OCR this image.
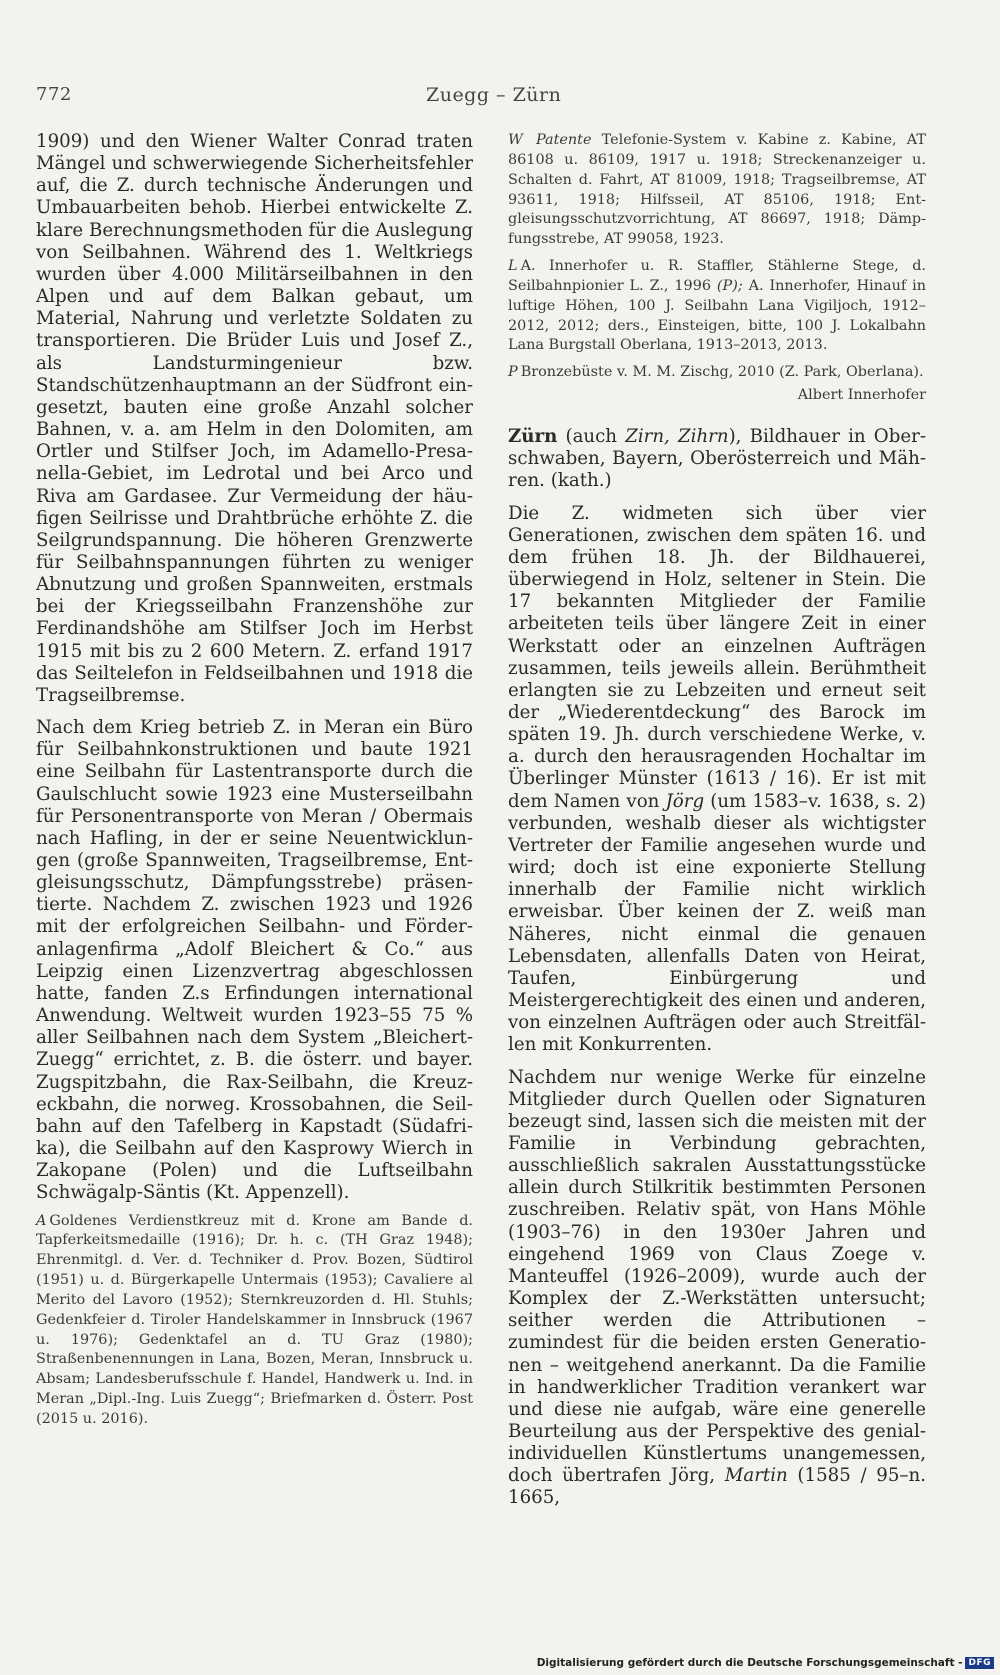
772	Zuegg – Zürn

1909) und den Wiener Walter Conrad traten Mängel und schwerwiegende Sicherheitsfehler auf, die Z. durch technische Änderungen und Umbauarbeiten behob. Hierbei entwickelte Z. klare Berechnungsmethoden für die Auslegung von Seilbahnen. Während des 1. Weltkriegs wurden über 4.000 Militärseilbahnen in den Alpen und auf dem Balkan gebaut, um Material, Nahrung und verletzte Soldaten zu transportieren. Die Brüder Luis und Josef Z., als Landsturmingenieur bzw. Standschützenhauptmann an der Südfront eingesetzt, bauten eine große Anzahl solcher Bahnen, v. a. am Helm in den Dolomiten, am Ortler und Stilfser Joch, im Adamello-Presanella-Gebiet, im Ledrotal und bei Arco und Riva am Gardasee. Zur Vermeidung der häufigen Seilrisse und Drahtbrüche erhöhte Z. die Seilgrundspannung. Die höheren Grenzwerte für Seilbahnspannungen führten zu weniger Abnutzung und großen Spannweiten, erstmals bei der Kriegsseilbahn Franzenshöhe zur Ferdinandshöhe am Stilfser Joch im Herbst 1915 mit bis zu 2 600 Metern. Z. erfand 1917 das Seiltelefon in Feldseilbahnen und 1918 die Tragseilbremse.

Nach dem Krieg betrieb Z. in Meran ein Büro für Seilbahnkonstruktionen und baute 1921 eine Seilbahn für Lastentransporte durch die Gaulschlucht sowie 1923 eine Musterseilbahn für Personentransporte von Meran / Obermais nach Hafling, in der er seine Neuentwicklungen (große Spannweiten, Tragseilbremse, Entgleisungsschutz, Dämpfungsstrebe) präsentierte. Nachdem Z. zwischen 1923 und 1926 mit der erfolgreichen Seilbahn- und Förderanlagenfirma „Adolf Bleichert & Co.“ aus Leipzig einen Lizenzvertrag abgeschlossen hatte, fanden Z.s Erfindungen international Anwendung. Weltweit wurden 1923–55 75 % aller Seilbahnen nach dem System „Bleichert-Zuegg“ errichtet, z. B. die österr. und bayer. Zugspitzbahn, die Rax-Seilbahn, die Kreuzeckbahn, die norweg. Krossobahnen, die Seilbahn auf den Tafelberg in Kapstadt (Südafrika), die Seilbahn auf den Kasprowy Wierch in Zakopane (Polen) und die Luftseilbahn Schwägalp-Säntis (Kt. Appenzell).

A Goldenes Verdienstkreuz mit d. Krone am Bande d. Tapferkeitsmedaille (1916); Dr. h. c. (TH Graz 1948); Ehrenmitgl. d. Ver. d. Techniker d. Prov. Bozen, Südtirol (1951) u. d. Bürgerkapelle Untermais (1953); Cavaliere al Merito del Lavoro (1952); Sternkreuzorden d. Hl. Stuhls; Gedenkfeier d. Tiroler Handelskammer in Innsbruck (1967 u. 1976); Gedenktafel an d. TU Graz (1980); Straßenbenennungen in Lana, Bozen, Meran, Innsbruck u. Absam; Landesberufsschule f. Handel, Handwerk u. Ind. in Meran „Dipl.-Ing. Luis Zuegg“; Briefmarken d. Österr. Post (2015 u. 2016).

W Patente Telefonie-System v. Kabine z. Kabine, AT 86108 u. 86109, 1917 u. 1918; Streckenanzeiger u. Schalten d. Fahrt, AT 81009, 1918; Tragseilbremse, AT 93611, 1918; Hilfsseil, AT 85106, 1918; Entgleisungsschutzvorrichtung, AT 86697, 1918; Dämpfungsstrebe, AT 99058, 1923.

L A. Innerhofer u. R. Staffler, Stählerne Stege, d. Seilbahnpionier L. Z., 1996 (P); A. Innerhofer, Hinauf in luftige Höhen, 100 J. Seilbahn Lana Vigiljoch, 1912–2012, 2012; ders., Einsteigen, bitte, 100 J. Lokalbahn Lana Burgstall Oberlana, 1913–2013, 2013.

P Bronzebüste v. M. M. Zischg, 2010 (Z. Park, Oberlana).

Albert Innerhofer

Zürn (auch Zirn, Zihrn), Bildhauer in Oberschwaben, Bayern, Oberösterreich und Mähren. (kath.)

Die Z. widmeten sich über vier Generationen, zwischen dem späten 16. und dem frühen 18. Jh. der Bildhauerei, überwiegend in Holz, seltener in Stein. Die 17 bekannten Mitglieder der Familie arbeiteten teils über längere Zeit in einer Werkstatt oder an einzelnen Aufträgen zusammen, teils jeweils allein. Berühmtheit erlangten sie zu Lebzeiten und erneut seit der „Wiederentdeckung“ des Barock im späten 19. Jh. durch verschiedene Werke, v. a. durch den herausragenden Hochaltar im Überlinger Münster (1613 / 16). Er ist mit dem Namen von Jörg (um 1583–v. 1638, s. 2) verbunden, weshalb dieser als wichtigster Vertreter der Familie angesehen wurde und wird; doch ist eine exponierte Stellung innerhalb der Familie nicht wirklich erweisbar. Über keinen der Z. weiß man Näheres, nicht einmal die genauen Lebensdaten, allenfalls Daten von Heirat, Taufen, Einbürgerung und Meistergerechtigkeit des einen und anderen, von einzelnen Aufträgen oder auch Streitfällen mit Konkurrenten.

Nachdem nur wenige Werke für einzelne Mitglieder durch Quellen oder Signaturen bezeugt sind, lassen sich die meisten mit der Familie in Verbindung gebrachten, ausschließlich sakralen Ausstattungsstücke allein durch Stilkritik bestimmten Personen zuschreiben. Relativ spät, von Hans Möhle (1903–76) in den 1930er Jahren und eingehend 1969 von Claus Zoege v. Manteuffel (1926–2009), wurde auch der Komplex der Z.-Werkstätten untersucht; seither werden die Attributionen – zumindest für die beiden ersten Generationen – weitgehend anerkannt. Da die Familie in handwerklicher Tradition verankert war und diese nie aufgab, wäre eine generelle Beurteilung aus der Perspektive des genial-individuellen Künstlertums unangemessen, doch übertrafen Jörg, Martin (1585 / 95–n. 1665,

Digitalisierung gefördert durch die Deutsche Forschungsgemeinschaft - DFG
